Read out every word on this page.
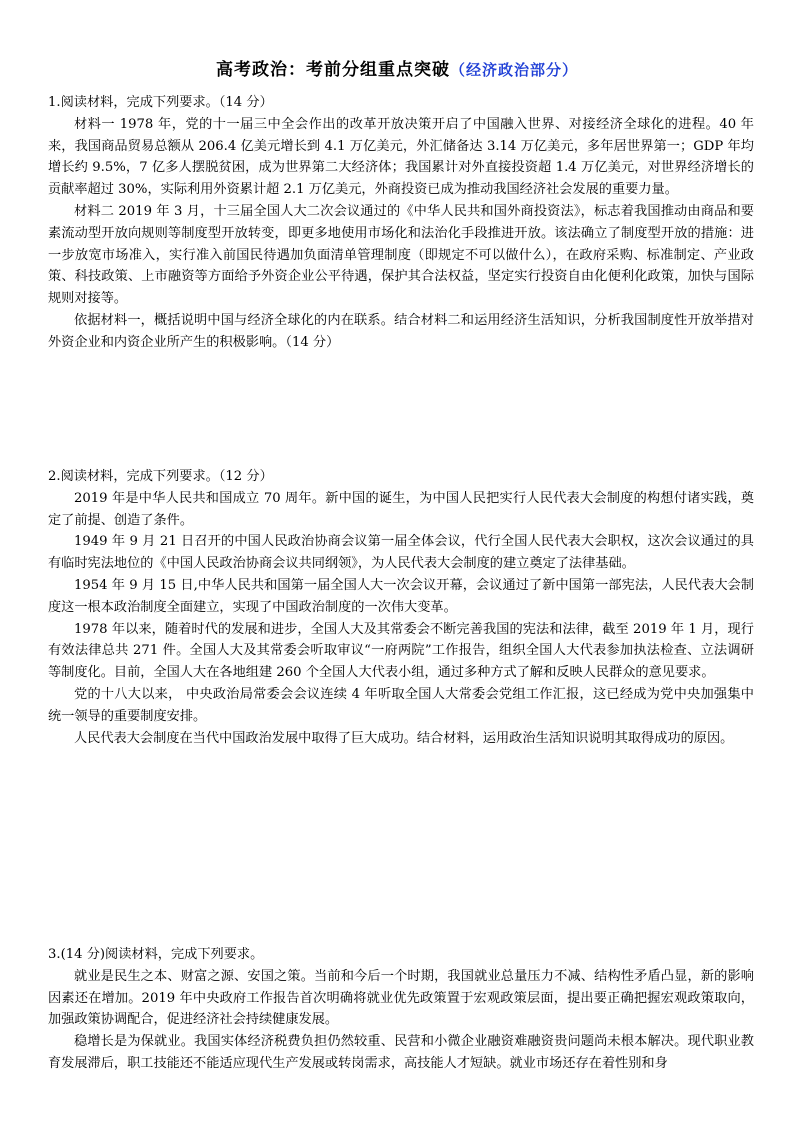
高考政治：考前分组重点突破（经济政治部分）

1.阅读材料，完成下列要求。（14 分）

材料一 1978 年，党的十一届三中全会作出的改革开放决策开启了中国融入世界、对接经济全球化的进程。40 年来，我国商品贸易总额从 206.4 亿美元增长到 4.1 万亿美元，外汇储备达 3.14 万亿美元，多年居世界第一；GDP 年均增长约 9.5%，7 亿多人摆脱贫困，成为世界第二大经济体；我国累计对外直接投资超 1.4 万亿美元，对世界经济增长的贡献率超过 30%，实际利用外资累计超 2.1 万亿美元，外商投资已成为推动我国经济社会发展的重要力量。

材料二 2019 年 3 月，十三届全国人大二次会议通过的《中华人民共和国外商投资法》，标志着我国推动由商品和要素流动型开放向规则等制度型开放转变，即更多地使用市场化和法治化手段推进开放。该法确立了制度型开放的措施：进一步放宽市场准入，实行准入前国民待遇加负面清单管理制度（即规定不可以做什么），在政府采购、标准制定、产业政策、科技政策、上市融资等方面给予外资企业公平待遇，保护其合法权益，坚定实行投资自由化便利化政策，加快与国际规则对接等。

依据材料一，概括说明中国与经济全球化的内在联系。结合材料二和运用经济生活知识，分析我国制度性开放举措对外资企业和内资企业所产生的积极影响。（14 分）

2.阅读材料，完成下列要求。（12 分）

2019 年是中华人民共和国成立 70 周年。新中国的诞生，为中国人民把实行人民代表大会制度的构想付诸实践，奠定了前提、创造了条件。

1949 年 9 月 21 日召开的中国人民政治协商会议第一届全体会议，代行全国人民代表大会职权，这次会议通过的具有临时宪法地位的《中国人民政治协商会议共同纲领》，为人民代表大会制度的建立奠定了法律基础。

1954 年 9 月 15 日,中华人民共和国第一届全国人大一次会议开幕，会议通过了新中国第一部宪法，人民代表大会制度这一根本政治制度全面建立，实现了中国政治制度的一次伟大变革。

1978 年以来，随着时代的发展和进步，全国人大及其常委会不断完善我国的宪法和法律，截至 2019 年 1 月，现行有效法律总共 271 件。全国人大及其常委会听取审议“一府两院”工作报告，组织全国人大代表参加执法检查、立法调研等制度化。目前，全国人大在各地组建 260 个全国人大代表小组，通过多种方式了解和反映人民群众的意见要求。

党的十八大以来， 中央政治局常委会会议连续 4 年听取全国人大常委会党组工作汇报，这已经成为党中央加强集中统一领导的重要制度安排。

人民代表大会制度在当代中国政治发展中取得了巨大成功。结合材料，运用政治生活知识说明其取得成功的原因。

3.(14 分)阅读材料，完成下列要求。

就业是民生之本、财富之源、安国之策。当前和今后一个时期，我国就业总量压力不减、结构性矛盾凸显，新的影响因素还在增加。2019 年中央政府工作报告首次明确将就业优先政策置于宏观政策层面，提出要正确把握宏观政策取向，加强政策协调配合，促进经济社会持续健康发展。

稳增长是为保就业。我国实体经济税费负担仍然较重、民营和小微企业融资难融资贵问题尚未根本解决。现代职业教育发展滞后，职工技能还不能适应现代生产发展或转岗需求，高技能人才短缺。就业市场还存在着性别和身
